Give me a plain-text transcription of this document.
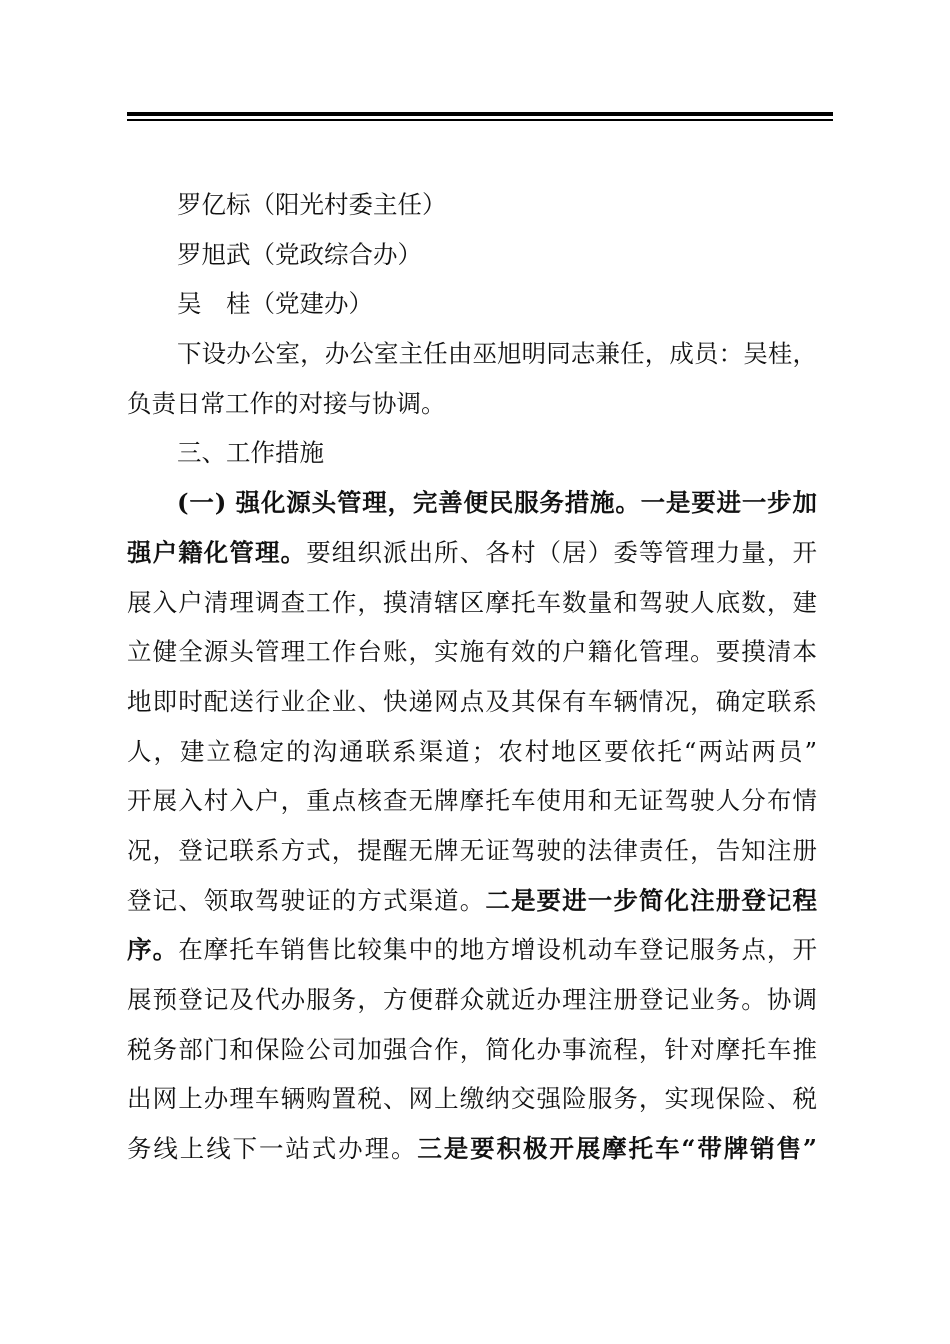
罗亿标（阳光村委主任）
罗旭武（党政综合办）
吴　桂（党建办）
下设办公室，办公室主任由巫旭明同志兼任，成员：吴桂，
负责日常工作的对接与协调。
三、工作措施
(一) 强化源头管理，完善便民服务措施。一是要进一步加
强户籍化管理。要组织派出所、各村（居）委等管理力量，开
展入户清理调查工作，摸清辖区摩托车数量和驾驶人底数，建
立健全源头管理工作台账，实施有效的户籍化管理。要摸清本
地即时配送行业企业、快递网点及其保有车辆情况，确定联系
人，建立稳定的沟通联系渠道；农村地区要依托“两站两员”
开展入村入户，重点核查无牌摩托车使用和无证驾驶人分布情
况，登记联系方式，提醒无牌无证驾驶的法律责任，告知注册
登记、领取驾驶证的方式渠道。二是要进一步简化注册登记程
序。在摩托车销售比较集中的地方增设机动车登记服务点，开
展预登记及代办服务，方便群众就近办理注册登记业务。协调
税务部门和保险公司加强合作，简化办事流程，针对摩托车推
出网上办理车辆购置税、网上缴纳交强险服务，实现保险、税
务线上线下一站式办理。三是要积极开展摩托车“带牌销售”
